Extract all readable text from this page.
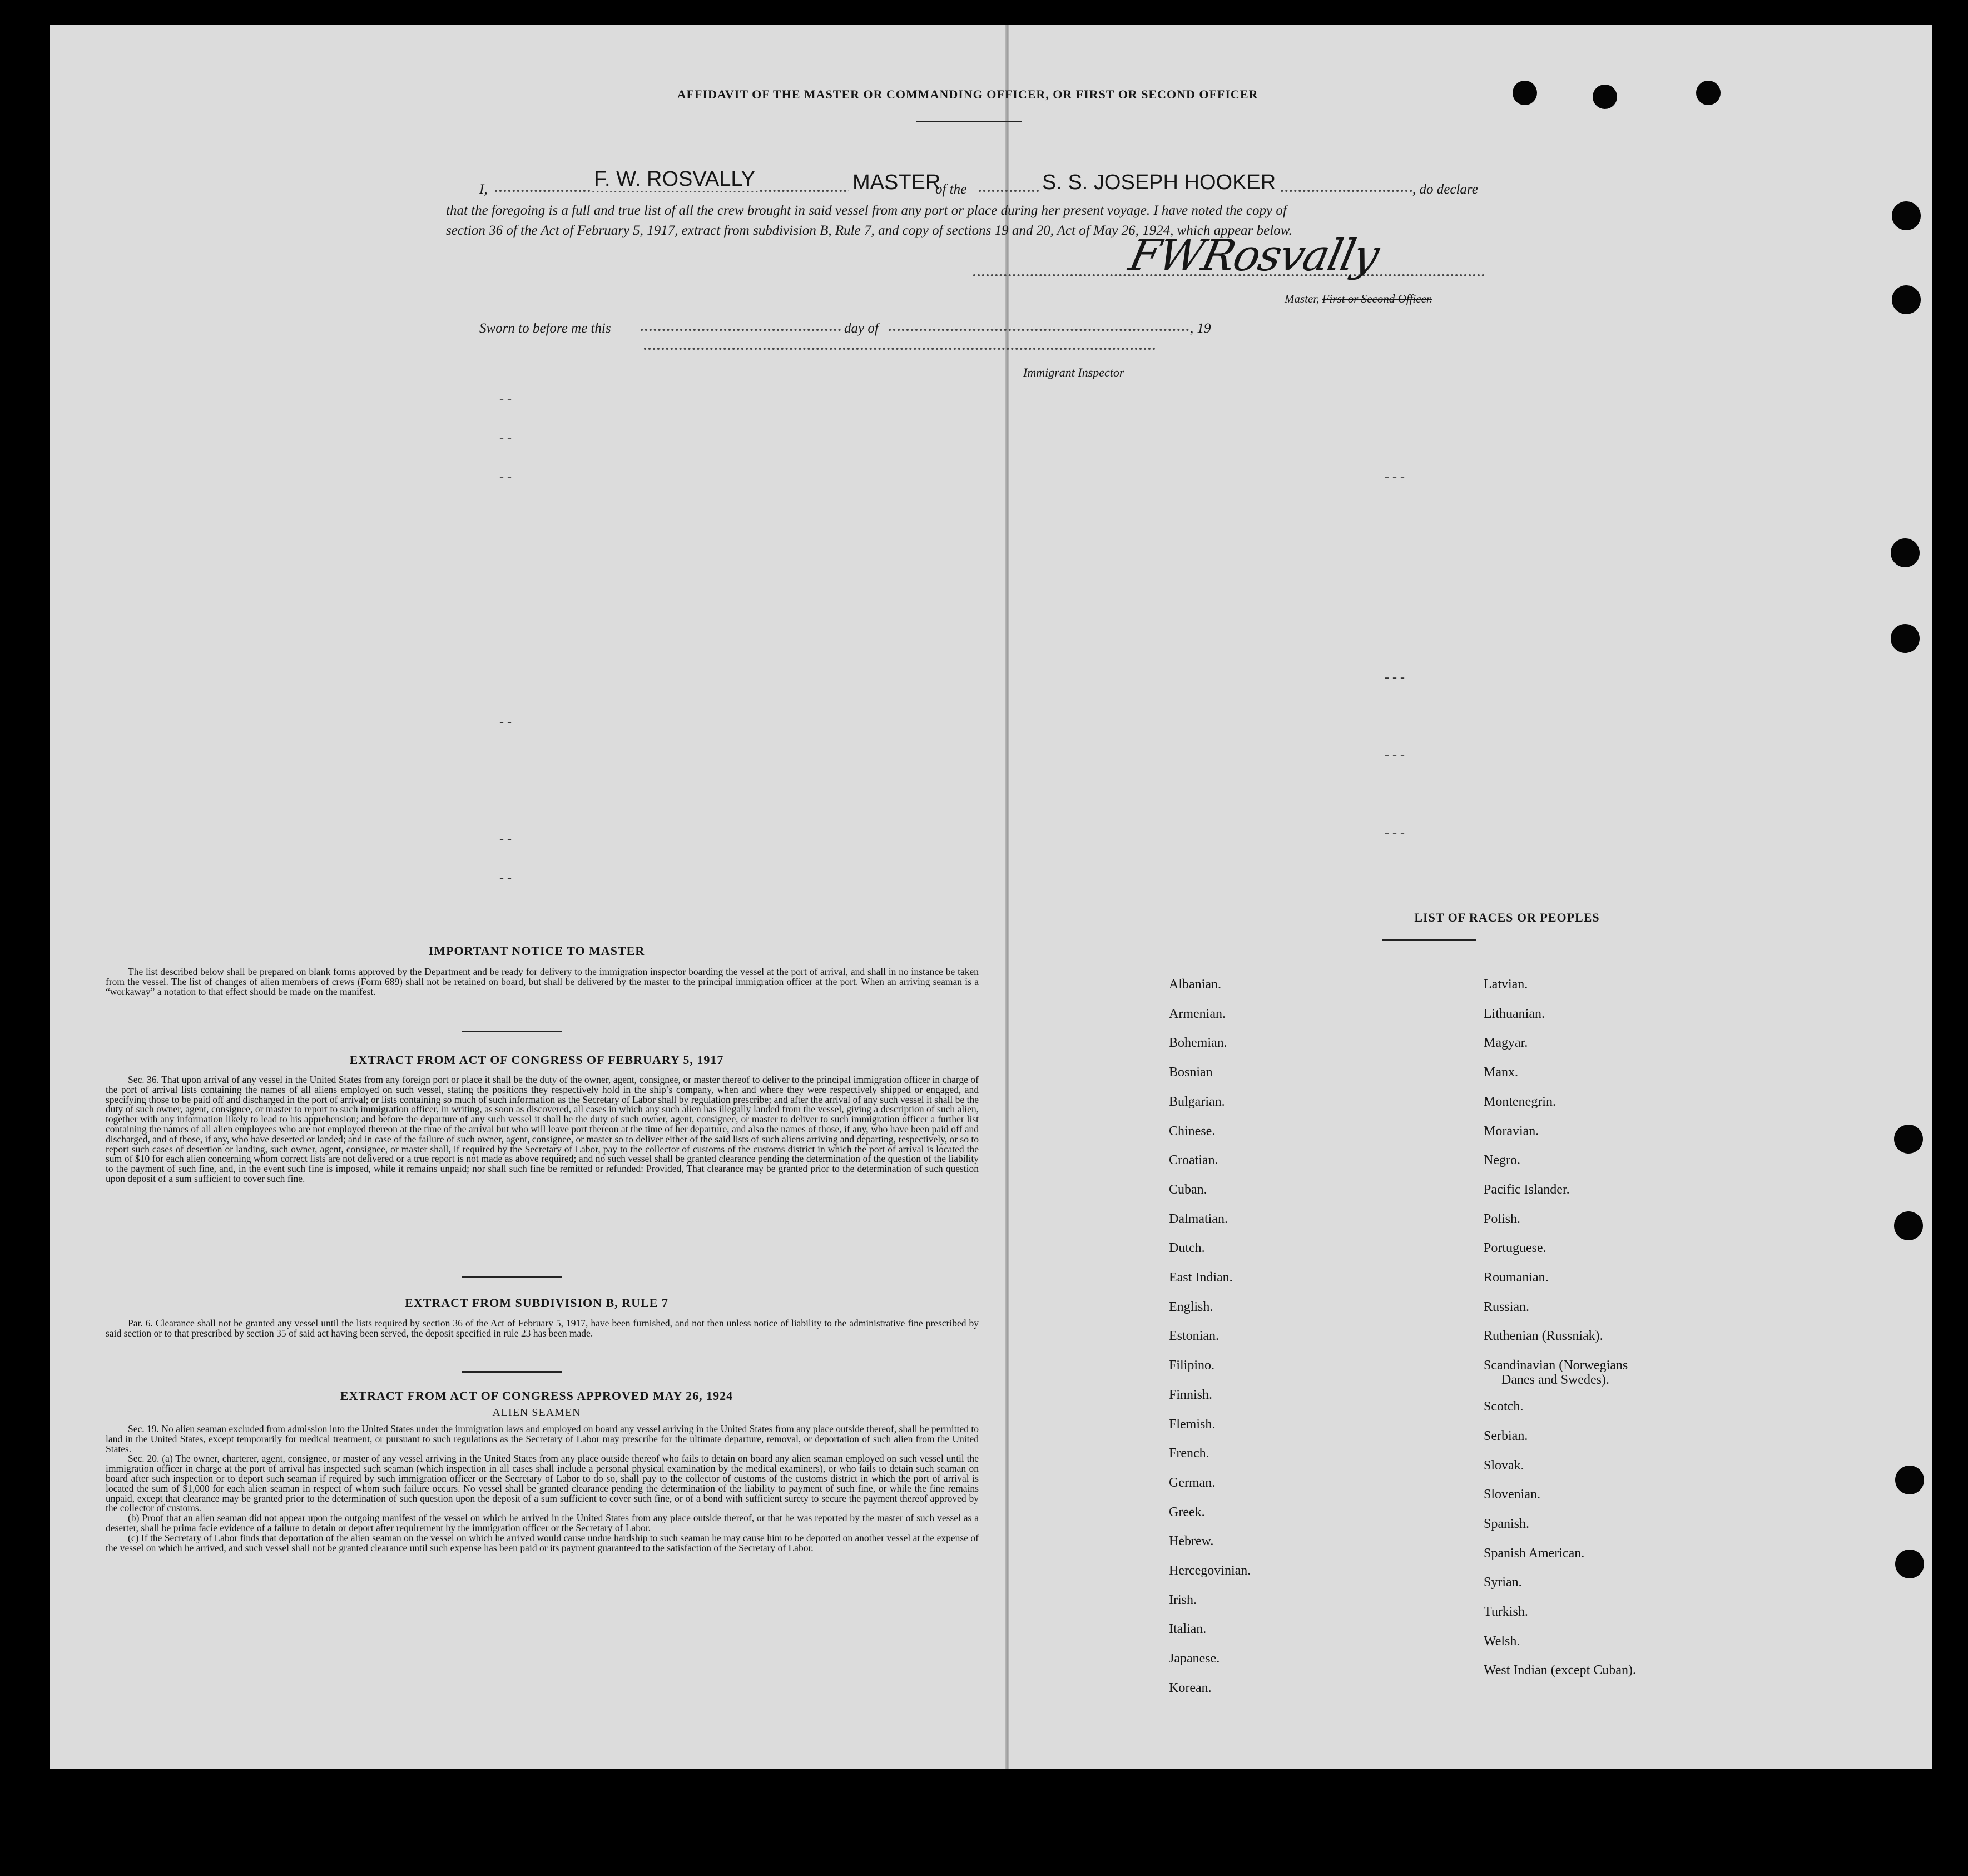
AFFIDAVIT OF THE MASTER OR COMMANDING OFFICER, OR FIRST OR SECOND OFFICER
I,	F. W. ROSVALLY	MASTER
of the	S. S. JOSEPH HOOKER	, do declare
that the foregoing is a full and true list of all the crew brought in said vessel from any port or place during her present voyage. I have noted the copy of
section 36 of the Act of February 5, 1917, extract from subdivision B, Rule 7, and copy of sections 19 and 20, Act of May 26, 1924, which appear below.
FWRosvally
Master, First or Second Officer.
Sworn to before me this	day of	, 19
Immigrant Inspector
- -
- -
- -
- -
- -
- -
- - -
- - -
- - -
- - -
IMPORTANT NOTICE TO MASTER
The list described below shall be prepared on blank forms approved by the Department and be ready for delivery to the immigration inspector boarding the vessel at the port of arrival, and shall in no instance be taken from the vessel. The list of changes of alien members of crews (Form 689) shall not be retained on board, but shall be delivered by the master to the principal immigration officer at the port. When an arriving seaman is a “workaway” a notation to that effect should be made on the manifest.
EXTRACT FROM ACT OF CONGRESS OF FEBRUARY 5, 1917
Sec. 36. That upon arrival of any vessel in the United States from any foreign port or place it shall be the duty of the owner, agent, consignee, or master thereof to deliver to the principal immigration officer in charge of the port of arrival lists containing the names of all aliens employed on such vessel, stating the positions they respectively hold in the ship’s company, when and where they were respectively shipped or engaged, and specifying those to be paid off and discharged in the port of arrival; or lists containing so much of such information as the Secretary of Labor shall by regulation prescribe; and after the arrival of any such vessel it shall be the duty of such owner, agent, consignee, or master to report to such immigration officer, in writing, as soon as discovered, all cases in which any such alien has illegally landed from the vessel, giving a description of such alien, together with any information likely to lead to his apprehension; and before the departure of any such vessel it shall be the duty of such owner, agent, consignee, or master to deliver to such immigration officer a further list containing the names of all alien employees who are not employed thereon at the time of the arrival but who will leave port thereon at the time of her departure, and also the names of those, if any, who have been paid off and discharged, and of those, if any, who have deserted or landed; and in case of the failure of such owner, agent, consignee, or master so to deliver either of the said lists of such aliens arriving and departing, respectively, or so to report such cases of desertion or landing, such owner, agent, consignee, or master shall, if required by the Secretary of Labor, pay to the collector of customs of the customs district in which the port of arrival is located the sum of $10 for each alien concerning whom correct lists are not delivered or a true report is not made as above required; and no such vessel shall be granted clearance pending the determination of the question of the liability to the payment of such fine, and, in the event such fine is imposed, while it remains unpaid; nor shall such fine be remitted or refunded: Provided, That clearance may be granted prior to the determination of such question upon deposit of a sum sufficient to cover such fine.
EXTRACT FROM SUBDIVISION B, RULE 7
Par. 6. Clearance shall not be granted any vessel until the lists required by section 36 of the Act of February 5, 1917, have been furnished, and not then unless notice of liability to the administrative fine prescribed by said section or to that prescribed by section 35 of said act having been served, the deposit specified in rule 23 has been made.
EXTRACT FROM ACT OF CONGRESS APPROVED MAY 26, 1924
ALIEN SEAMEN

Sec. 19. No alien seaman excluded from admission into the United States under the immigration laws and employed on board any vessel arriving in the United States from any place outside thereof, shall be permitted to land in the United States, except temporarily for medical treatment, or pursuant to such regulations as the Secretary of Labor may prescribe for the ultimate departure, removal, or deportation of such alien from the United States.

Sec. 20. (a) The owner, charterer, agent, consignee, or master of any vessel arriving in the United States from any place outside thereof who fails to detain on board any alien seaman employed on such vessel until the immigration officer in charge at the port of arrival has inspected such seaman (which inspection in all cases shall include a personal physical examination by the medical examiners), or who fails to detain such seaman on board after such inspection or to deport such seaman if required by such immigration officer or the Secretary of Labor to do so, shall pay to the collector of customs of the customs district in which the port of arrival is located the sum of $1,000 for each alien seaman in respect of whom such failure occurs. No vessel shall be granted clearance pending the determination of the liability to payment of such fine, or while the fine remains unpaid, except that clearance may be granted prior to the determination of such question upon the deposit of a sum sufficient to cover such fine, or of a bond with sufficient surety to secure the payment thereof approved by the collector of customs.

(b) Proof that an alien seaman did not appear upon the outgoing manifest of the vessel on which he arrived in the United States from any place outside thereof, or that he was reported by the master of such vessel as a deserter, shall be prima facie evidence of a failure to detain or deport after requirement by the immigration officer or the Secretary of Labor.

(c) If the Secretary of Labor finds that deportation of the alien seaman on the vessel on which he arrived would cause undue hardship to such seaman he may cause him to be deported on another vessel at the expense of the vessel on which he arrived, and such vessel shall not be granted clearance until such expense has been paid or its payment guaranteed to the satisfaction of the Secretary of Labor.

LIST OF RACES OR PEOPLES
Albanian.
Armenian.
Bohemian.
Bosnian
Bulgarian.
Chinese.
Croatian.
Cuban.
Dalmatian.
Dutch.
East Indian.
English.
Estonian.
Filipino.
Finnish.
Flemish.
French.
German.
Greek.
Hebrew.
Hercegovinian.
Irish.
Italian.
Japanese.
Korean.
Latvian.
Lithuanian.
Magyar.
Manx.
Montenegrin.
Moravian.
Negro.
Pacific Islander.
Polish.
Portuguese.
Roumanian.
Russian.
Ruthenian (Russniak).
Scandinavian (Norwegians
Danes and Swedes).
Scotch.
Serbian.
Slovak.
Slovenian.
Spanish.
Spanish American.
Syrian.
Turkish.
Welsh.
West Indian (except Cuban).
